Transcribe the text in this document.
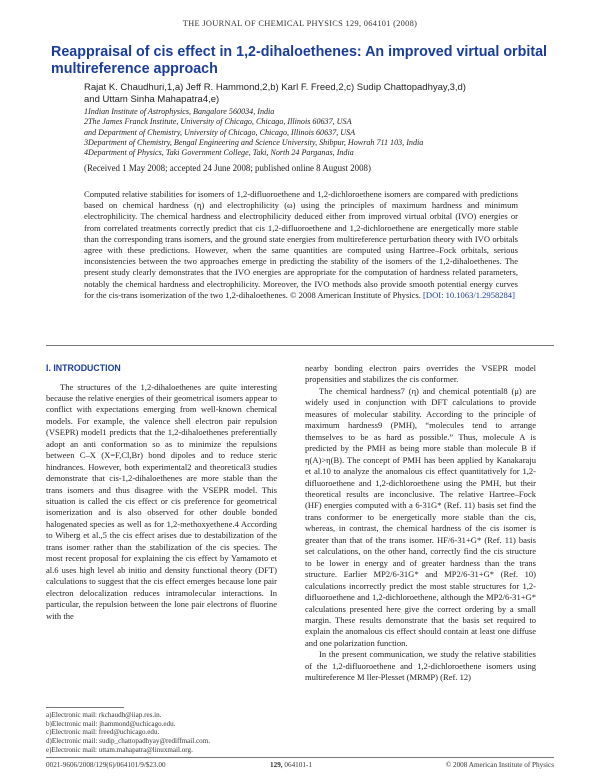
THE JOURNAL OF CHEMICAL PHYSICS 129, 064101 (2008)
Reappraisal of cis effect in 1,2-dihaloethenes: An improved virtual orbital multireference approach
Rajat K. Chaudhuri,1,a) Jeff R. Hammond,2,b) Karl F. Freed,2,c) Sudip Chattopadhyay,3,d)
and Uttam Sinha Mahapatra4,e)
1Indian Institute of Astrophysics, Bangalore 560034, India
2The James Franck Institute, University of Chicago, Chicago, Illinois 60637, USA
and Department of Chemistry, University of Chicago, Chicago, Illinois 60637, USA
3Department of Chemistry, Bengal Engineering and Science University, Shibpur, Howrah 711 103, India
4Department of Physics, Taki Government College, Taki, North 24 Parganas, India
(Received 1 May 2008; accepted 24 June 2008; published online 8 August 2008)
Computed relative stabilities for isomers of 1,2-difluoroethene and 1,2-dichloroethene isomers are compared with predictions based on chemical hardness (η) and electrophilicity (ω) using the principles of maximum hardness and minimum electrophilicity. The chemical hardness and electrophilicity deduced either from improved virtual orbital (IVO) energies or from correlated treatments correctly predict that cis 1,2-difluoroethene and 1,2-dichloroethene are energetically more stable than the corresponding trans isomers, and the ground state energies from multireference perturbation theory with IVO orbitals agree with these predictions. However, when the same quantities are computed using Hartree–Fock orbitals, serious inconsistencies between the two approaches emerge in predicting the stability of the isomers of the 1,2-dihaloethenes. The present study clearly demonstrates that the IVO energies are appropriate for the computation of hardness related parameters, notably the chemical hardness and electrophilicity. Moreover, the IVO methods also provide smooth potential energy curves for the cis-trans isomerization of the two 1,2-dihaloethenes. © 2008 American Institute of Physics. [DOI: 10.1063/1.2958284]
I. INTRODUCTION

The structures of the 1,2-dihaloethenes are quite interesting because the relative energies of their geometrical isomers appear to conflict with expectations emerging from well-known chemical models. For example, the valence shell electron pair repulsion (VSEPR) model1 predicts that the 1,2-dihaloethenes preferentially adopt an anti conformation so as to minimize the repulsions between C–X (X=F,Cl,Br) bond dipoles and to reduce steric hindrances. However, both experimental2 and theoretical3 studies demonstrate that cis-1,2-dihaloethenes are more stable than the trans isomers and thus disagree with the VSEPR model. This situation is called the cis effect or cis preference for geometrical isomerization and is also observed for other double bonded halogenated species as well as for 1,2-methoxyethene.4 According to Wiberg et al.,5 the cis effect arises due to destabilization of the trans isomer rather than the stabilization of the cis species. The most recent proposal for explaining the cis effect by Yamamoto et al.6 uses high level ab initio and density functional theory (DFT) calculations to suggest that the cis effect emerges because lone pair electron delocalization reduces intramolecular interactions. In particular, the repulsion between the lone pair electrons of fluorine with the

nearby bonding electron pairs overrides the VSEPR model propensities and stabilizes the cis conformer.

The chemical hardness7 (η) and chemical potential8 (μ) are widely used in conjunction with DFT calculations to provide measures of molecular stability. According to the principle of maximum hardness9 (PMH), “molecules tend to arrange themselves to be as hard as possible.” Thus, molecule A is predicted by the PMH as being more stable than molecule B if η(A)>η(B). The concept of PMH has been applied by Kanakaraju et al.10 to analyze the anomalous cis effect quantitatively for 1,2-difluoroethene and 1,2-dichloroethene using the PMH, but their theoretical results are inconclusive. The relative Hartree–Fock (HF) energies computed with a 6-31G* (Ref. 11) basis set find the trans conformer to be energetically more stable than the cis, whereas, in contrast, the chemical hardness of the cis isomer is greater than that of the trans isomer. HF/6-31+G* (Ref. 11) basis set calculations, on the other hand, correctly find the cis structure to be lower in energy and of greater hardness than the trans structure. Earlier MP2/6-31G* and MP2/6-31+G* (Ref. 10) calculations incorrectly predict the most stable structures for 1,2-difluoroethene and 1,2-dichloroethene, although the MP2/6-31+G* calculations presented here give the correct ordering by a small margin. These results demonstrate that the basis set required to explain the anomalous cis effect should contain at least one diffuse and one polarization function.

In the present communication, we study the relative stabilities of the 1,2-difluoroethene and 1,2-dichloroethene isomers using multireference M ller-Plesset (MRMP) (Ref. 12)

a)Electronic mail: rkchaudh@iiap.res.in.
b)Electronic mail: jhammond@uchicago.edu.
c)Electronic mail: freed@uchicago.edu.
d)Electronic mail: sudip_chattopadhyay@rediffmail.com.
e)Electronic mail: uttam.mahapatra@linuxmail.org.
0021-9606/2008/129(6)/064101/9/$23.00	129, 064101-1	© 2008 American Institute of Physics
